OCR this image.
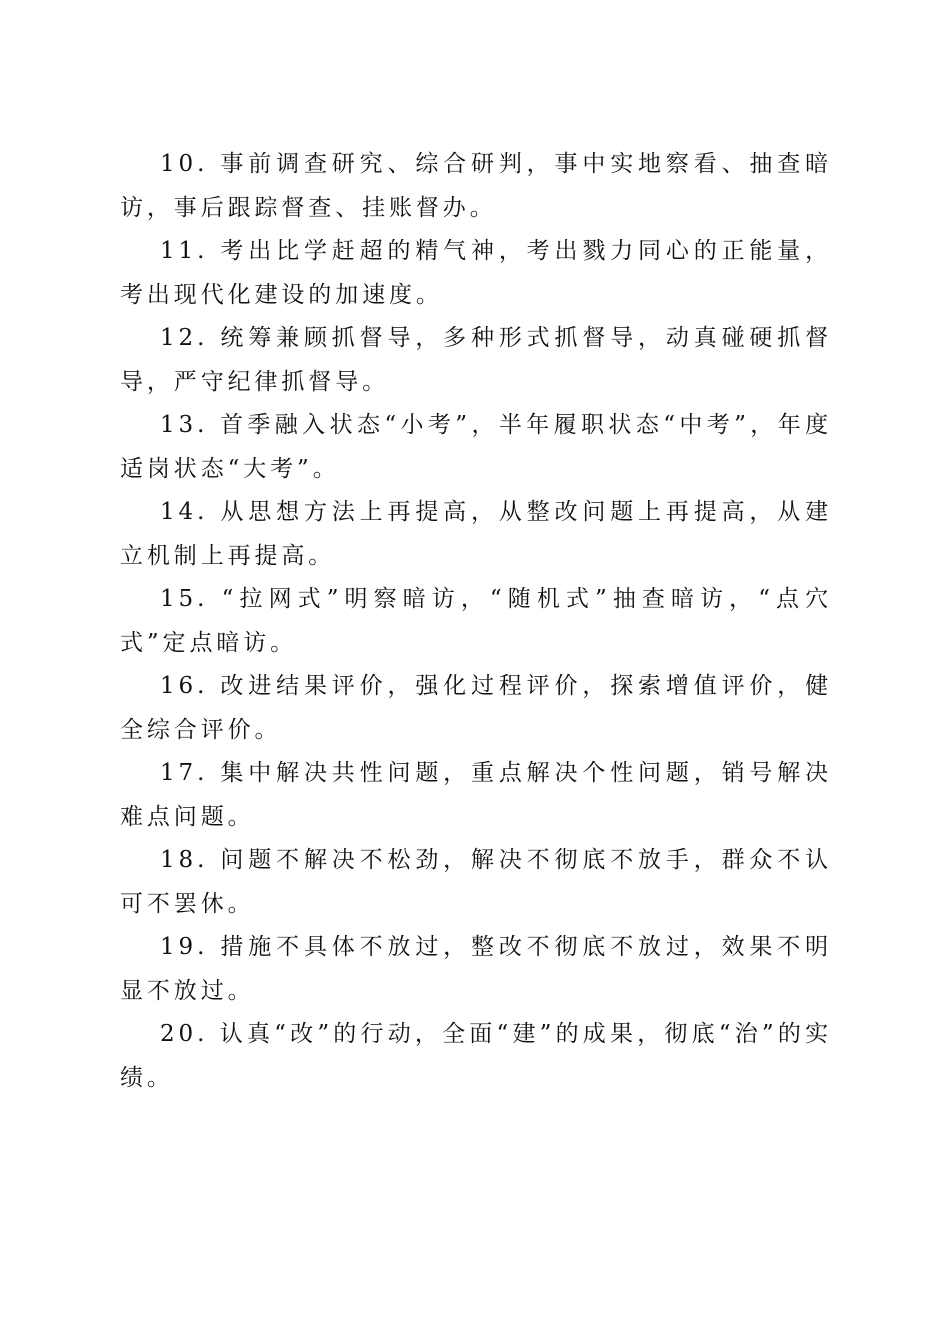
10. 事前调查研究、综合研判，事中实地察看、抽查暗访，事后跟踪督查、挂账督办。

11. 考出比学赶超的精气神，考出戮力同心的正能量，考出现代化建设的加速度。

12. 统筹兼顾抓督导，多种形式抓督导，动真碰硬抓督导，严守纪律抓督导。

13. 首季融入状态“小考”，半年履职状态“中考”，年度适岗状态“大考”。

14. 从思想方法上再提高，从整改问题上再提高，从建立机制上再提高。

15. “拉网式”明察暗访，“随机式”抽查暗访，“点穴式”定点暗访。

16. 改进结果评价，强化过程评价，探索增值评价，健全综合评价。

17. 集中解决共性问题，重点解决个性问题，销号解决难点问题。

18. 问题不解决不松劲，解决不彻底不放手，群众不认可不罢休。

19. 措施不具体不放过，整改不彻底不放过，效果不明显不放过。

20. 认真“改”的行动，全面“建”的成果，彻底“治”的实绩。
